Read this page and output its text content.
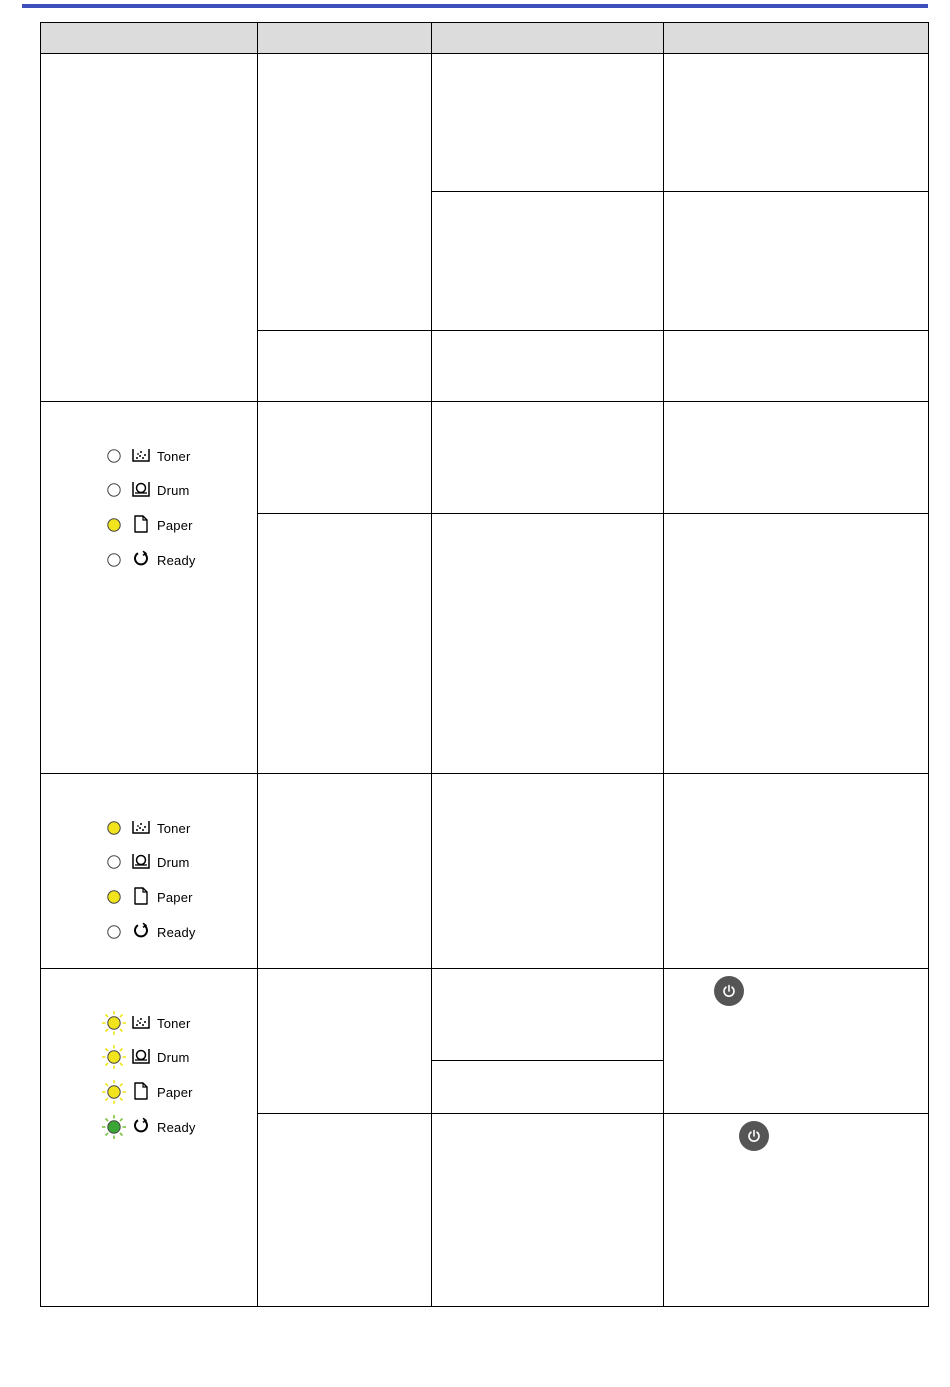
Toner
Drum
Paper
Ready			

Toner
Drum
Paper
Ready			

Toner
Drum
Paper
Ready
